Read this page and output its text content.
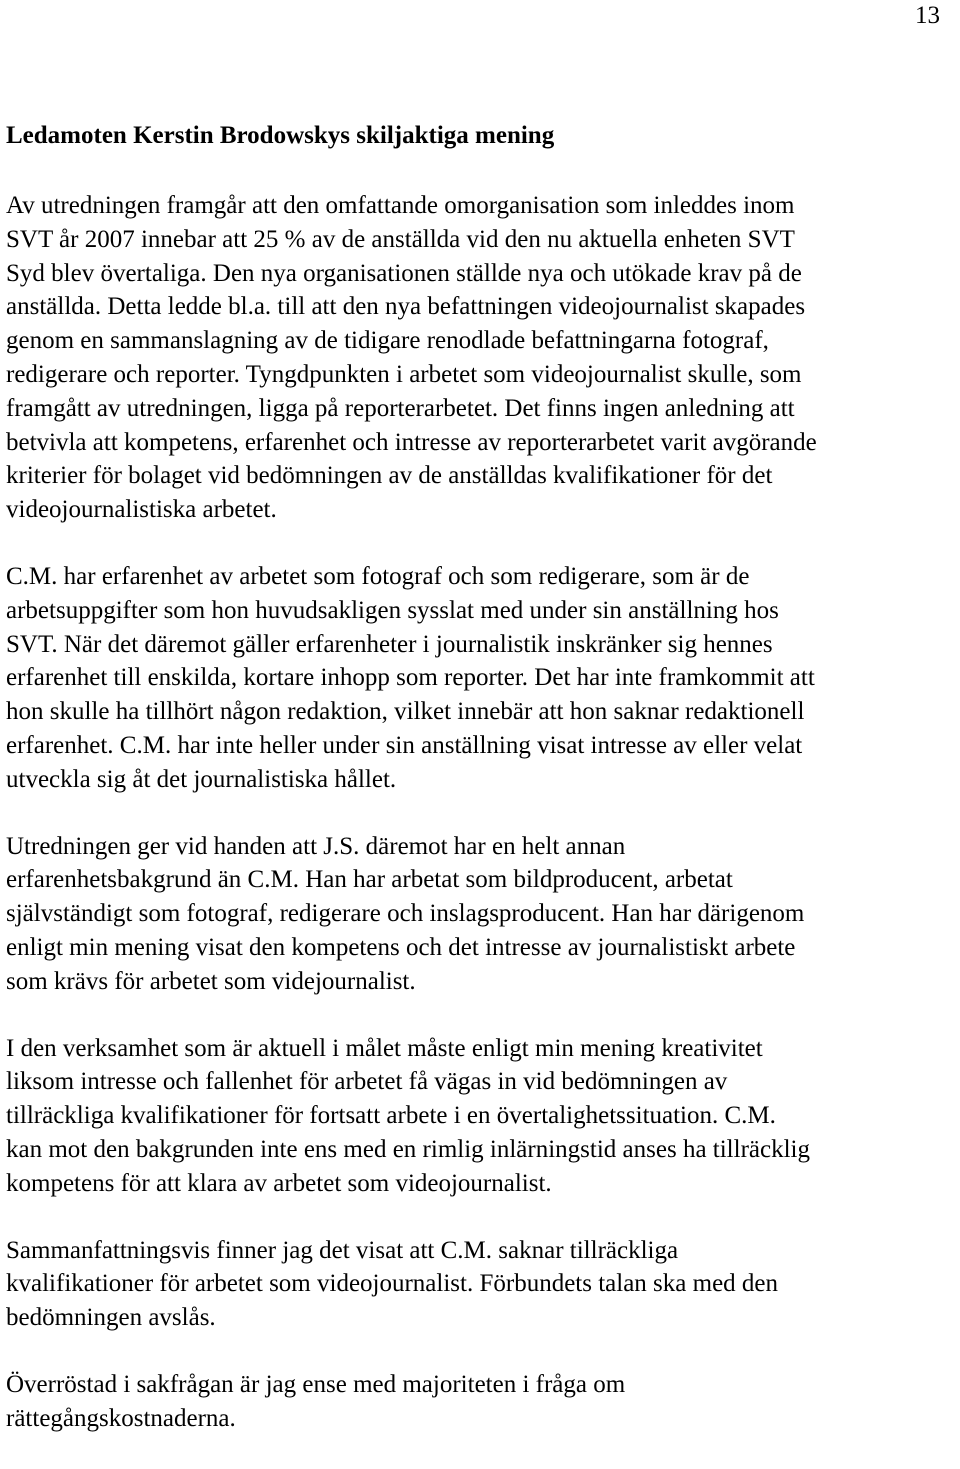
13
Ledamoten Kerstin Brodowskys skiljaktiga mening
Av utredningen framgår att den omfattande omorganisation som inleddes inom
SVT år 2007 innebar att 25 % av de anställda vid den nu aktuella enheten SVT
Syd blev övertaliga. Den nya organisationen ställde nya och utökade krav på de
anställda. Detta ledde bl.a. till att den nya befattningen videojournalist skapades
genom en sammanslagning av de tidigare renodlade befattningarna fotograf,
redigerare och reporter. Tyngdpunkten i arbetet som videojournalist skulle, som
framgått av utredningen, ligga på reporterarbetet. Det finns ingen anledning att
betvivla att kompetens, erfarenhet och intresse av reporterarbetet varit avgörande
kriterier för bolaget vid bedömningen av de anställdas kvalifikationer för det
videojournalistiska arbetet.
C.M. har erfarenhet av arbetet som fotograf och som redigerare, som är de
arbetsuppgifter som hon huvudsakligen sysslat med under sin anställning hos
SVT. När det däremot gäller erfarenheter i journalistik inskränker sig hennes
erfarenhet till enskilda, kortare inhopp som reporter. Det har inte framkommit att
hon skulle ha tillhört någon redaktion, vilket innebär att hon saknar redaktionell
erfarenhet. C.M. har inte heller under sin anställning visat intresse av eller velat
utveckla sig åt det journalistiska hållet.
Utredningen ger vid handen att J.S. däremot har en helt annan
erfarenhetsbakgrund än C.M. Han har arbetat som bildproducent, arbetat
självständigt som fotograf, redigerare och inslagsproducent. Han har därigenom
enligt min mening visat den kompetens och det intresse av journalistiskt arbete
som krävs för arbetet som videjournalist.
I den verksamhet som är aktuell i målet måste enligt min mening kreativitet
liksom intresse och fallenhet för arbetet få vägas in vid bedömningen av
tillräckliga kvalifikationer för fortsatt arbete i en övertalighetssituation. C.M.
kan mot den bakgrunden inte ens med en rimlig inlärningstid anses ha tillräcklig
kompetens för att klara av arbetet som videojournalist.
Sammanfattningsvis finner jag det visat att C.M. saknar tillräckliga
kvalifikationer för arbetet som videojournalist. Förbundets talan ska med den
bedömningen avslås.
Överröstad i sakfrågan är jag ense med majoriteten i fråga om
rättegångskostnaderna.
